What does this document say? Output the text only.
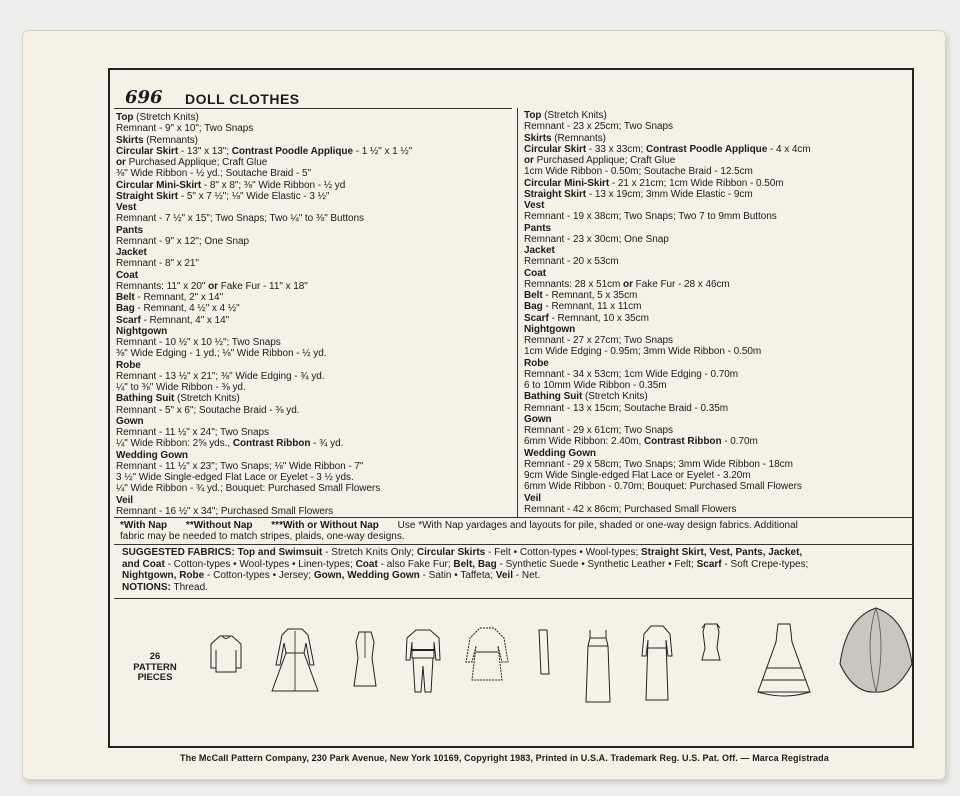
696 DOLL CLOTHES
Top (Stretch Knits)
Remnant - 9" x 10"; Two Snaps
Skirts (Remnants)
Circular Skirt - 13" x 13"; Contrast Poodle Applique - 1 ½" x 1 ½"
or Purchased Applique; Craft Glue
⅜" Wide Ribbon - ½ yd.; Soutache Braid - 5"
Circular Mini-Skirt - 8" x 8"; ⅜" Wide Ribbon - ½ yd
Straight Skirt - 5" x 7 ½"; ⅛" Wide Elastic - 3 ½"
Vest
Remnant - 7 ½" x 15"; Two Snaps; Two ¼" to ⅜" Buttons
Pants
Remnant - 9" x 12"; One Snap
Jacket
Remnant - 8" x 21"
Coat
Remnants: 11" x 20" or Fake Fur - 11" x 18"
Belt - Remnant, 2" x 14"
Bag - Remnant, 4 ½" x 4 ½"
Scarf - Remnant, 4" x 14"
Nightgown
Remnant - 10 ½" x 10 ½"; Two Snaps
⅜" Wide Edging - 1 yd.; ⅛" Wide Ribbon - ½ yd.
Robe
Remnant - 13 ½" x 21"; ⅜" Wide Edging - ¾ yd.
¼" to ⅜" Wide Ribbon - ⅜ yd.
Bathing Suit (Stretch Knits)
Remnant - 5" x 6"; Soutache Braid - ⅜ yd.
Gown
Remnant - 11 ½" x 24"; Two Snaps
¼" Wide Ribbon: 2⅝ yds., Contrast Ribbon - ¾ yd.
Wedding Gown
Remnant - 11 ½" x 23"; Two Snaps; ⅛" Wide Ribbon - 7"
3 ½" Wide Single-edged Flat Lace or Eyelet - 3 ½ yds.
¼" Wide Ribbon - ¾ yd.; Bouquet: Purchased Small Flowers
Veil
Remnant - 16 ½" x 34"; Purchased Small Flowers
Top (Stretch Knits)
Remnant - 23 x 25cm; Two Snaps
Skirts (Remnants)
Circular Skirt - 33 x 33cm; Contrast Poodle Applique - 4 x 4cm
or Purchased Applique; Craft Glue
1cm Wide Ribbon - 0.50m; Soutache Braid - 12.5cm
Circular Mini-Skirt - 21 x 21cm; 1cm Wide Ribbon - 0.50m
Straight Skirt - 13 x 19cm; 3mm Wide Elastic - 9cm
Vest
Remnant - 19 x 38cm; Two Snaps; Two 7 to 9mm Buttons
Pants
Remnant - 23 x 30cm; One Snap
Jacket
Remnant - 20 x 53cm
Coat
Remnants: 28 x 51cm or Fake Fur - 28 x 46cm
Belt - Remnant, 5 x 35cm
Bag - Remnant, 11 x 11cm
Scarf - Remnant, 10 x 35cm
Nightgown
Remnant - 27 x 27cm; Two Snaps
1cm Wide Edging - 0.95m; 3mm Wide Ribbon - 0.50m
Robe
Remnant - 34 x 53cm; 1cm Wide Edging - 0.70m
6 to 10mm Wide Ribbon - 0.35m
Bathing Suit (Stretch Knits)
Remnant - 13 x 15cm; Soutache Braid - 0.35m
Gown
Remnant - 29 x 61cm; Two Snaps
6mm Wide Ribbon: 2.40m, Contrast Ribbon - 0.70m
Wedding Gown
Remnant - 29 x 58cm; Two Snaps; 3mm Wide Ribbon - 18cm
9cm Wide Single-edged Flat Lace or Eyelet - 3.20m
6mm Wide Ribbon - 0.70m; Bouquet: Purchased Small Flowers
Veil
Remnant - 42 x 86cm; Purchased Small Flowers
*With Nap **Without Nap ***With or Without Nap Use *With Nap yardages and layouts for pile, shaded or one-way design fabrics. Additional
fabric may be needed to match stripes, plaids, one-way designs.
SUGGESTED FABRICS: Top and Swimsuit - Stretch Knits Only; Circular Skirts - Felt • Cotton-types • Wool-types; Straight Skirt, Vest, Pants, Jacket,
and Coat - Cotton-types • Wool-types • Linen-types; Coat - also Fake Fur; Belt, Bag - Synthetic Suede • Synthetic Leather • Felt; Scarf - Soft Crepe-types;
Nightgown, Robe - Cotton-types • Jersey; Gown, Wedding Gown - Satin • Taffeta; Veil - Net.
NOTIONS: Thread.
26
PATTERN
PIECES
The McCall Pattern Company, 230 Park Avenue, New York 10169, Copyright 1983, Printed in U.S.A. Trademark Reg. U.S. Pat. Off. — Marca Registrada
